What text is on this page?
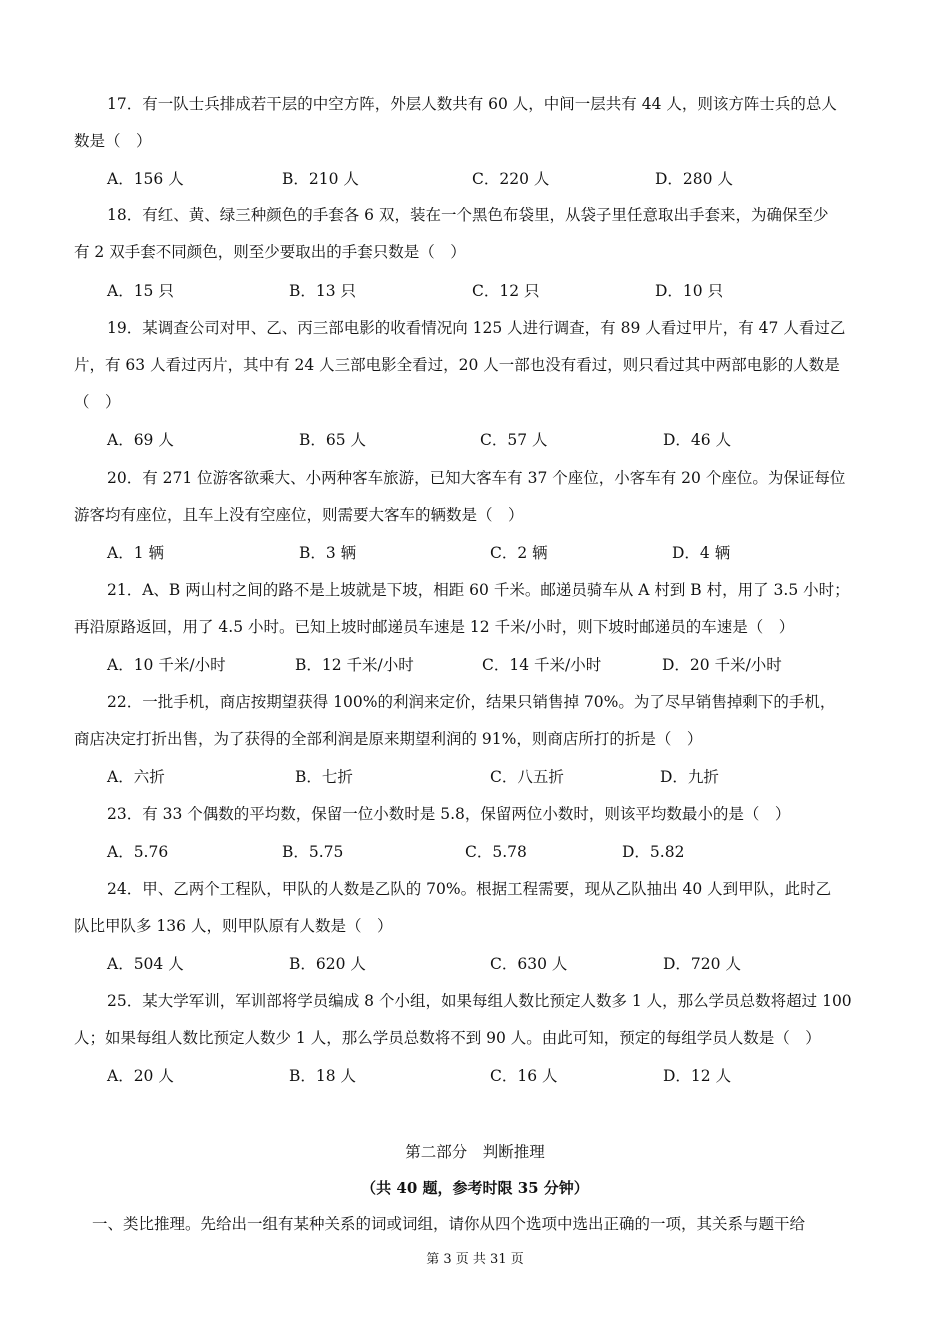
17．有一队士兵排成若干层的中空方阵，外层人数共有 60 人，中间一层共有 44 人，则该方阵士兵的总人
数是（　）
A．156 人	B．210 人	C．220 人	D．280 人
18．有红、黄、绿三种颜色的手套各 6 双，装在一个黑色布袋里，从袋子里任意取出手套来，为确保至少
有 2 双手套不同颜色，则至少要取出的手套只数是（　）
A．15 只	B．13 只	C．12 只	D．10 只
19．某调查公司对甲、乙、丙三部电影的收看情况向 125 人进行调查，有 89 人看过甲片，有 47 人看过乙
片，有 63 人看过丙片，其中有 24 人三部电影全看过，20 人一部也没有看过，则只看过其中两部电影的人数是
（　）
A．69 人	B．65 人	C．57 人	D．46 人
20．有 271 位游客欲乘大、小两种客车旅游，已知大客车有 37 个座位，小客车有 20 个座位。为保证每位
游客均有座位，且车上没有空座位，则需要大客车的辆数是（　）
A．1 辆	B．3 辆	C．2 辆	D．4 辆
21．A、B 两山村之间的路不是上坡就是下坡，相距 60 千米。邮递员骑车从 A 村到 B 村，用了 3.5 小时；
再沿原路返回，用了 4.5 小时。已知上坡时邮递员车速是 12 千米/小时，则下坡时邮递员的车速是（　）
A．10 千米/小时	B．12 千米/小时	C．14 千米/小时	D．20 千米/小时
22．一批手机，商店按期望获得 100%的利润来定价，结果只销售掉 70%。为了尽早销售掉剩下的手机，
商店决定打折出售，为了获得的全部利润是原来期望利润的 91%，则商店所打的折是（　）
A．六折	B．七折	C．八五折	D．九折
23．有 33 个偶数的平均数，保留一位小数时是 5.8，保留两位小数时，则该平均数最小的是（　）
A．5.76	B．5.75	C．5.78	D．5.82
24．甲、乙两个工程队，甲队的人数是乙队的 70%。根据工程需要，现从乙队抽出 40 人到甲队，此时乙
队比甲队多 136 人，则甲队原有人数是（　）
A．504 人	B．620 人	C．630 人	D．720 人
25．某大学军训，军训部将学员编成 8 个小组，如果每组人数比预定人数多 1 人，那么学员总数将超过 100
人；如果每组人数比预定人数少 1 人，那么学员总数将不到 90 人。由此可知，预定的每组学员人数是（　）
A．20 人	B．18 人	C．16 人	D．12 人
第二部分　判断推理
（共 40 题，参考时限 35 分钟）
一、类比推理。先给出一组有某种关系的词或词组，请你从四个选项中选出正确的一项，其关系与题干给
第 3 页 共 31 页
